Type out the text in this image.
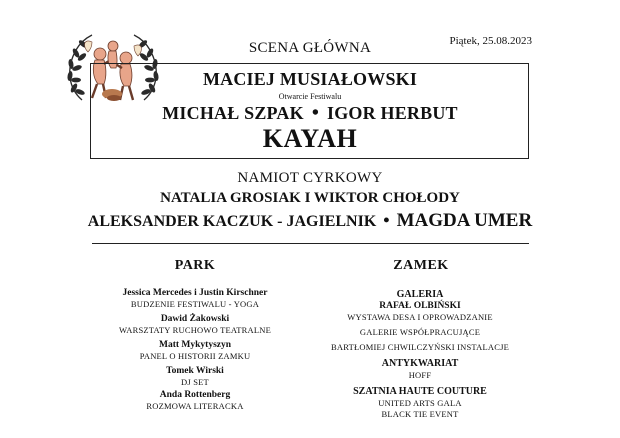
Piątek, 25.08.2023
SCENA GŁÓWNA
MACIEJ MUSIAŁOWSKI
Otwarcie Festiwalu
MICHAŁ SZPAK • IGOR HERBUT
KAYAH
NAMIOT CYRKOWY
NATALIA GROSIAK I WIKTOR CHOŁODY
ALEKSANDER KACZUK - JAGIELNIK • MAGDA UMER
PARK	ZAMEK
Jessica Mercedes i Justin Kirschner
BUDZENIE FESTIWALU - YOGA
Dawid Żakowski
WARSZTATY RUCHOWO TEATRALNE
Matt Mykytyszyn
PANEL O HISTORII ZAMKU
Tomek Wirski
DJ SET
Anda Rottenberg
ROZMOWA LITERACKA
GALERIA
RAFAŁ OLBIŃSKI
WYSTAWA DESA I OPROWADZANIE
GALERIE WSPÓŁPRACUJĄCE
BARTŁOMIEJ CHWILCZYŃSKI INSTALACJE
ANTYKWARIAT
HOFF
SZATNIA HAUTE COUTURE
UNITED ARTS GALA
BLACK TIE EVENT
